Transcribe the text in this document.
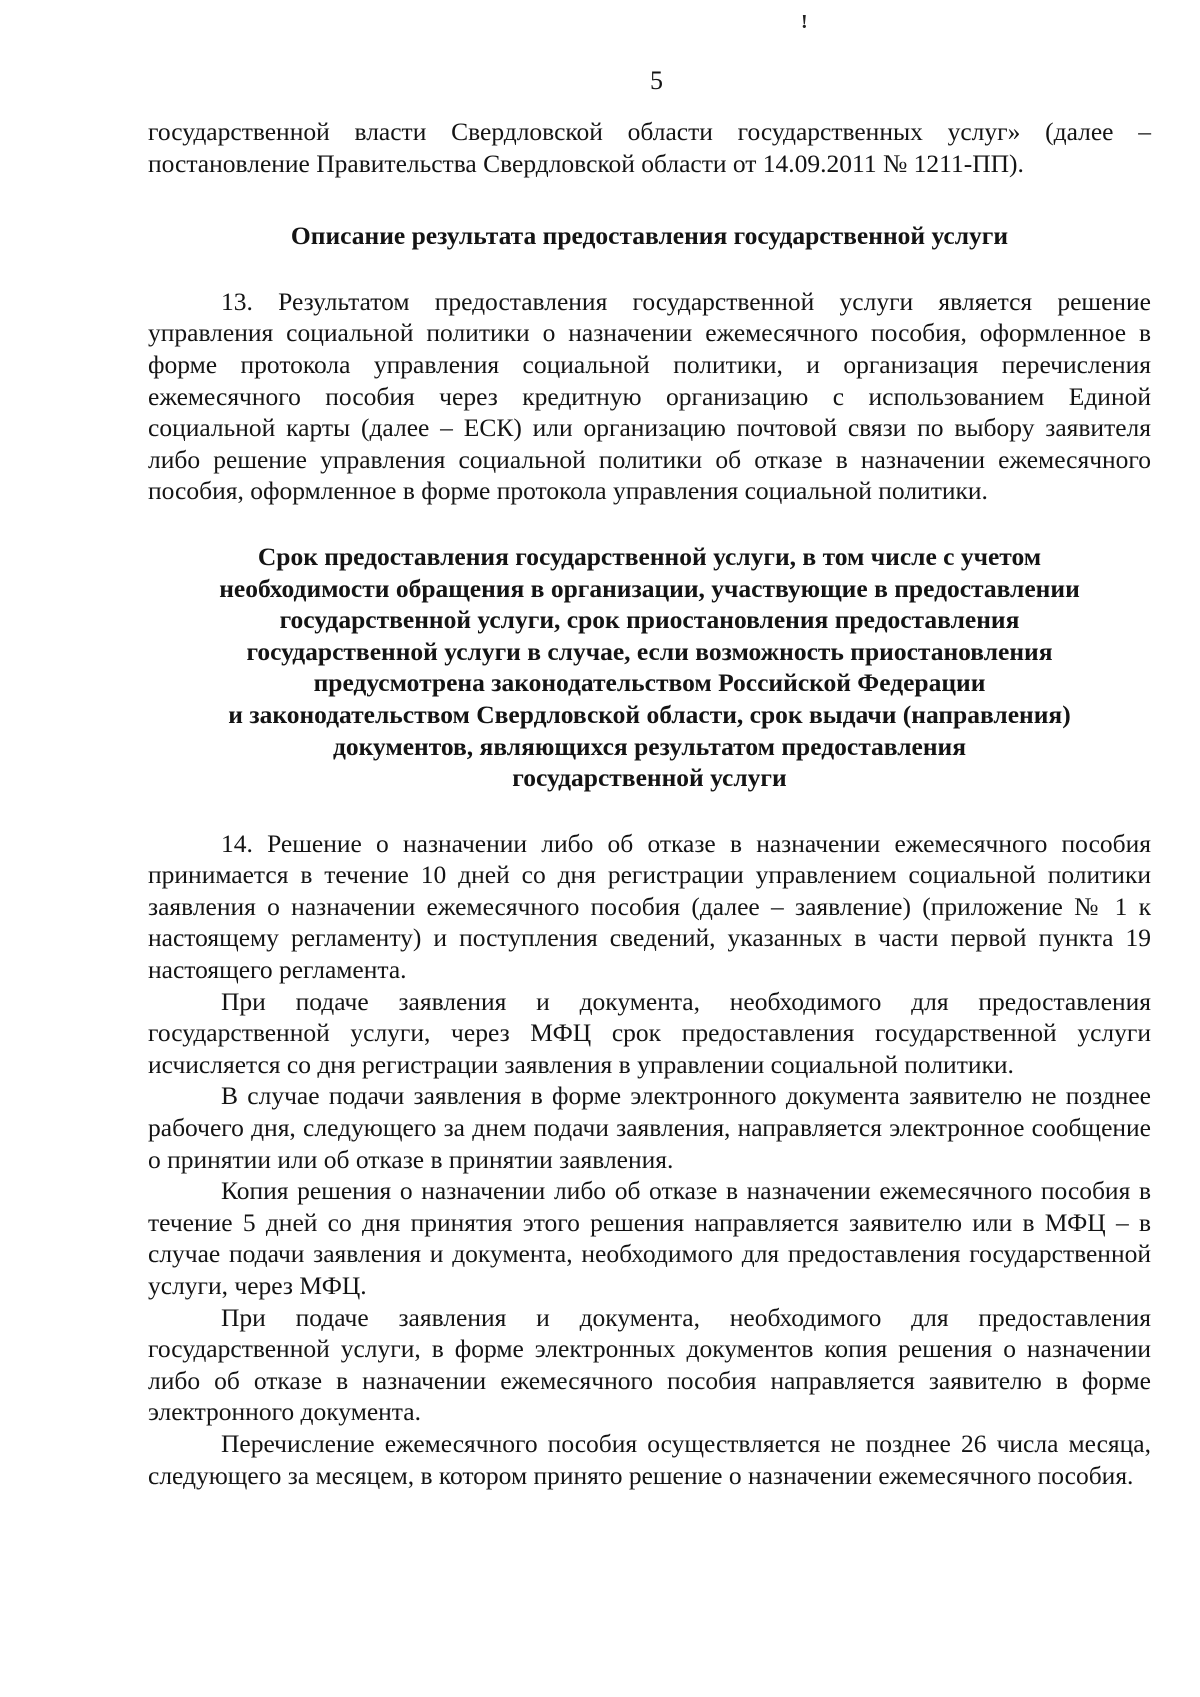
!
5

государственной власти Свердловской области государственных услуг» (далее – постановление Правительства Свердловской области от 14.09.2011 № 1211-ПП).

Описание результата предоставления государственной услуги

13. Результатом предоставления государственной услуги является решение управления социальной политики о назначении ежемесячного пособия, оформленное в форме протокола управления социальной политики, и организация перечисления ежемесячного пособия через кредитную организацию с использованием Единой социальной карты (далее – ЕСК) или организацию почтовой связи по выбору заявителя либо решение управления социальной политики об отказе в назначении ежемесячного пособия, оформленное в форме протокола управления социальной политики.

Срок предоставления государственной услуги, в том числе с учетом
необходимости обращения в организации, участвующие в предоставлении
государственной услуги, срок приостановления предоставления
государственной услуги в случае, если возможность приостановления
предусмотрена законодательством Российской Федерации
и законодательством Свердловской области, срок выдачи (направления)
документов, являющихся результатом предоставления
государственной услуги

14. Решение о назначении либо об отказе в назначении ежемесячного пособия принимается в течение 10 дней со дня регистрации управлением социальной политики заявления о назначении ежемесячного пособия (далее – заявление) (приложение № 1 к настоящему регламенту) и поступления сведений, указанных в части первой пункта 19 настоящего регламента.

При подаче заявления и документа, необходимого для предоставления государственной услуги, через МФЦ срок предоставления государственной услуги исчисляется со дня регистрации заявления в управлении социальной политики.

В случае подачи заявления в форме электронного документа заявителю не позднее рабочего дня, следующего за днем подачи заявления, направляется электронное сообщение о принятии или об отказе в принятии заявления.

Копия решения о назначении либо об отказе в назначении ежемесячного пособия в течение 5 дней со дня принятия этого решения направляется заявителю или в МФЦ – в случае подачи заявления и документа, необходимого для предоставления государственной услуги, через МФЦ.

При подаче заявления и документа, необходимого для предоставления государственной услуги, в форме электронных документов копия решения о назначении либо об отказе в назначении ежемесячного пособия направляется заявителю в форме электронного документа.

Перечисление ежемесячного пособия осуществляется не позднее 26 числа месяца, следующего за месяцем, в котором принято решение о назначении ежемесячного пособия.
